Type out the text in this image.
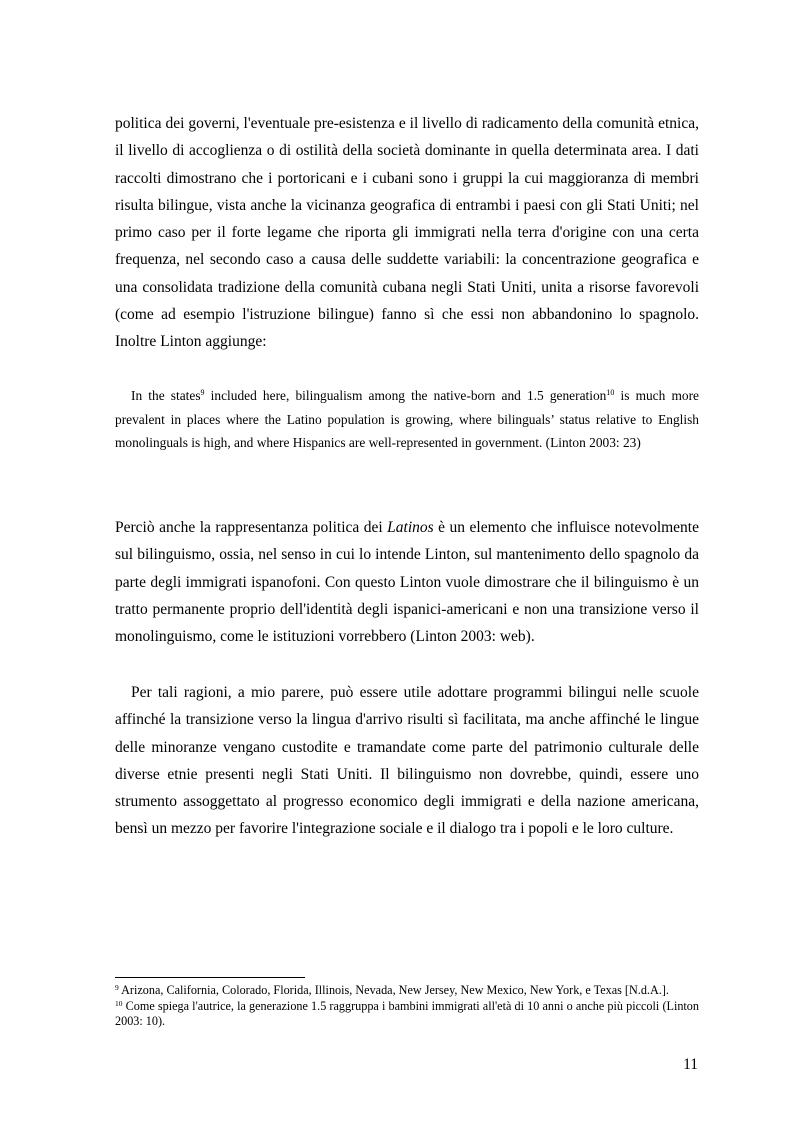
politica dei governi, l'eventuale pre-esistenza e il livello di radicamento della comunità etnica, il livello di accoglienza o di ostilità della società dominante in quella determinata area. I dati raccolti dimostrano che i portoricani e i cubani sono i gruppi la cui maggioranza di membri risulta bilingue, vista anche la vicinanza geografica di entrambi i paesi con gli Stati Uniti; nel primo caso per il forte legame che riporta gli immigrati nella terra d'origine con una certa frequenza, nel secondo caso a causa delle suddette variabili: la concentrazione geografica e una consolidata tradizione della comunità cubana negli Stati Uniti, unita a risorse favorevoli (come ad esempio l'istruzione bilingue) fanno sì che essi non abbandonino lo spagnolo. Inoltre Linton aggiunge:

In the states$^9$ included here, bilingualism among the native-born and 1.5 generation$^{10}$ is much more prevalent in places where the Latino population is growing, where bilinguals’ status relative to English monolinguals is high, and where Hispanics are well-represented in government. (Linton 2003: 23)

Perciò anche la rappresentanza politica dei Latinos è un elemento che influisce notevolmente sul bilinguismo, ossia, nel senso in cui lo intende Linton, sul mantenimento dello spagnolo da parte degli immigrati ispanofoni. Con questo Linton vuole dimostrare che il bilinguismo è un tratto permanente proprio dell'identità degli ispanici-americani e non una transizione verso il monolinguismo, come le istituzioni vorrebbero (Linton 2003: web).

Per tali ragioni, a mio parere, può essere utile adottare programmi bilingui nelle scuole affinché la transizione verso la lingua d'arrivo risulti sì facilitata, ma anche affinché le lingue delle minoranze vengano custodite e tramandate come parte del patrimonio culturale delle diverse etnie presenti negli Stati Uniti. Il bilinguismo non dovrebbe, quindi, essere uno strumento assoggettato al progresso economico degli immigrati e della nazione americana, bensì un mezzo per favorire l'integrazione sociale e il dialogo tra i popoli e le loro culture.

$^9$ Arizona, California, Colorado, Florida, Illinois, Nevada, New Jersey, New Mexico, New York, e Texas [N.d.A.].

$^{10}$ Come spiega l'autrice, la generazione 1.5 raggruppa i bambini immigrati all'età di 10 anni o anche più piccoli (Linton 2003: 10).

11
